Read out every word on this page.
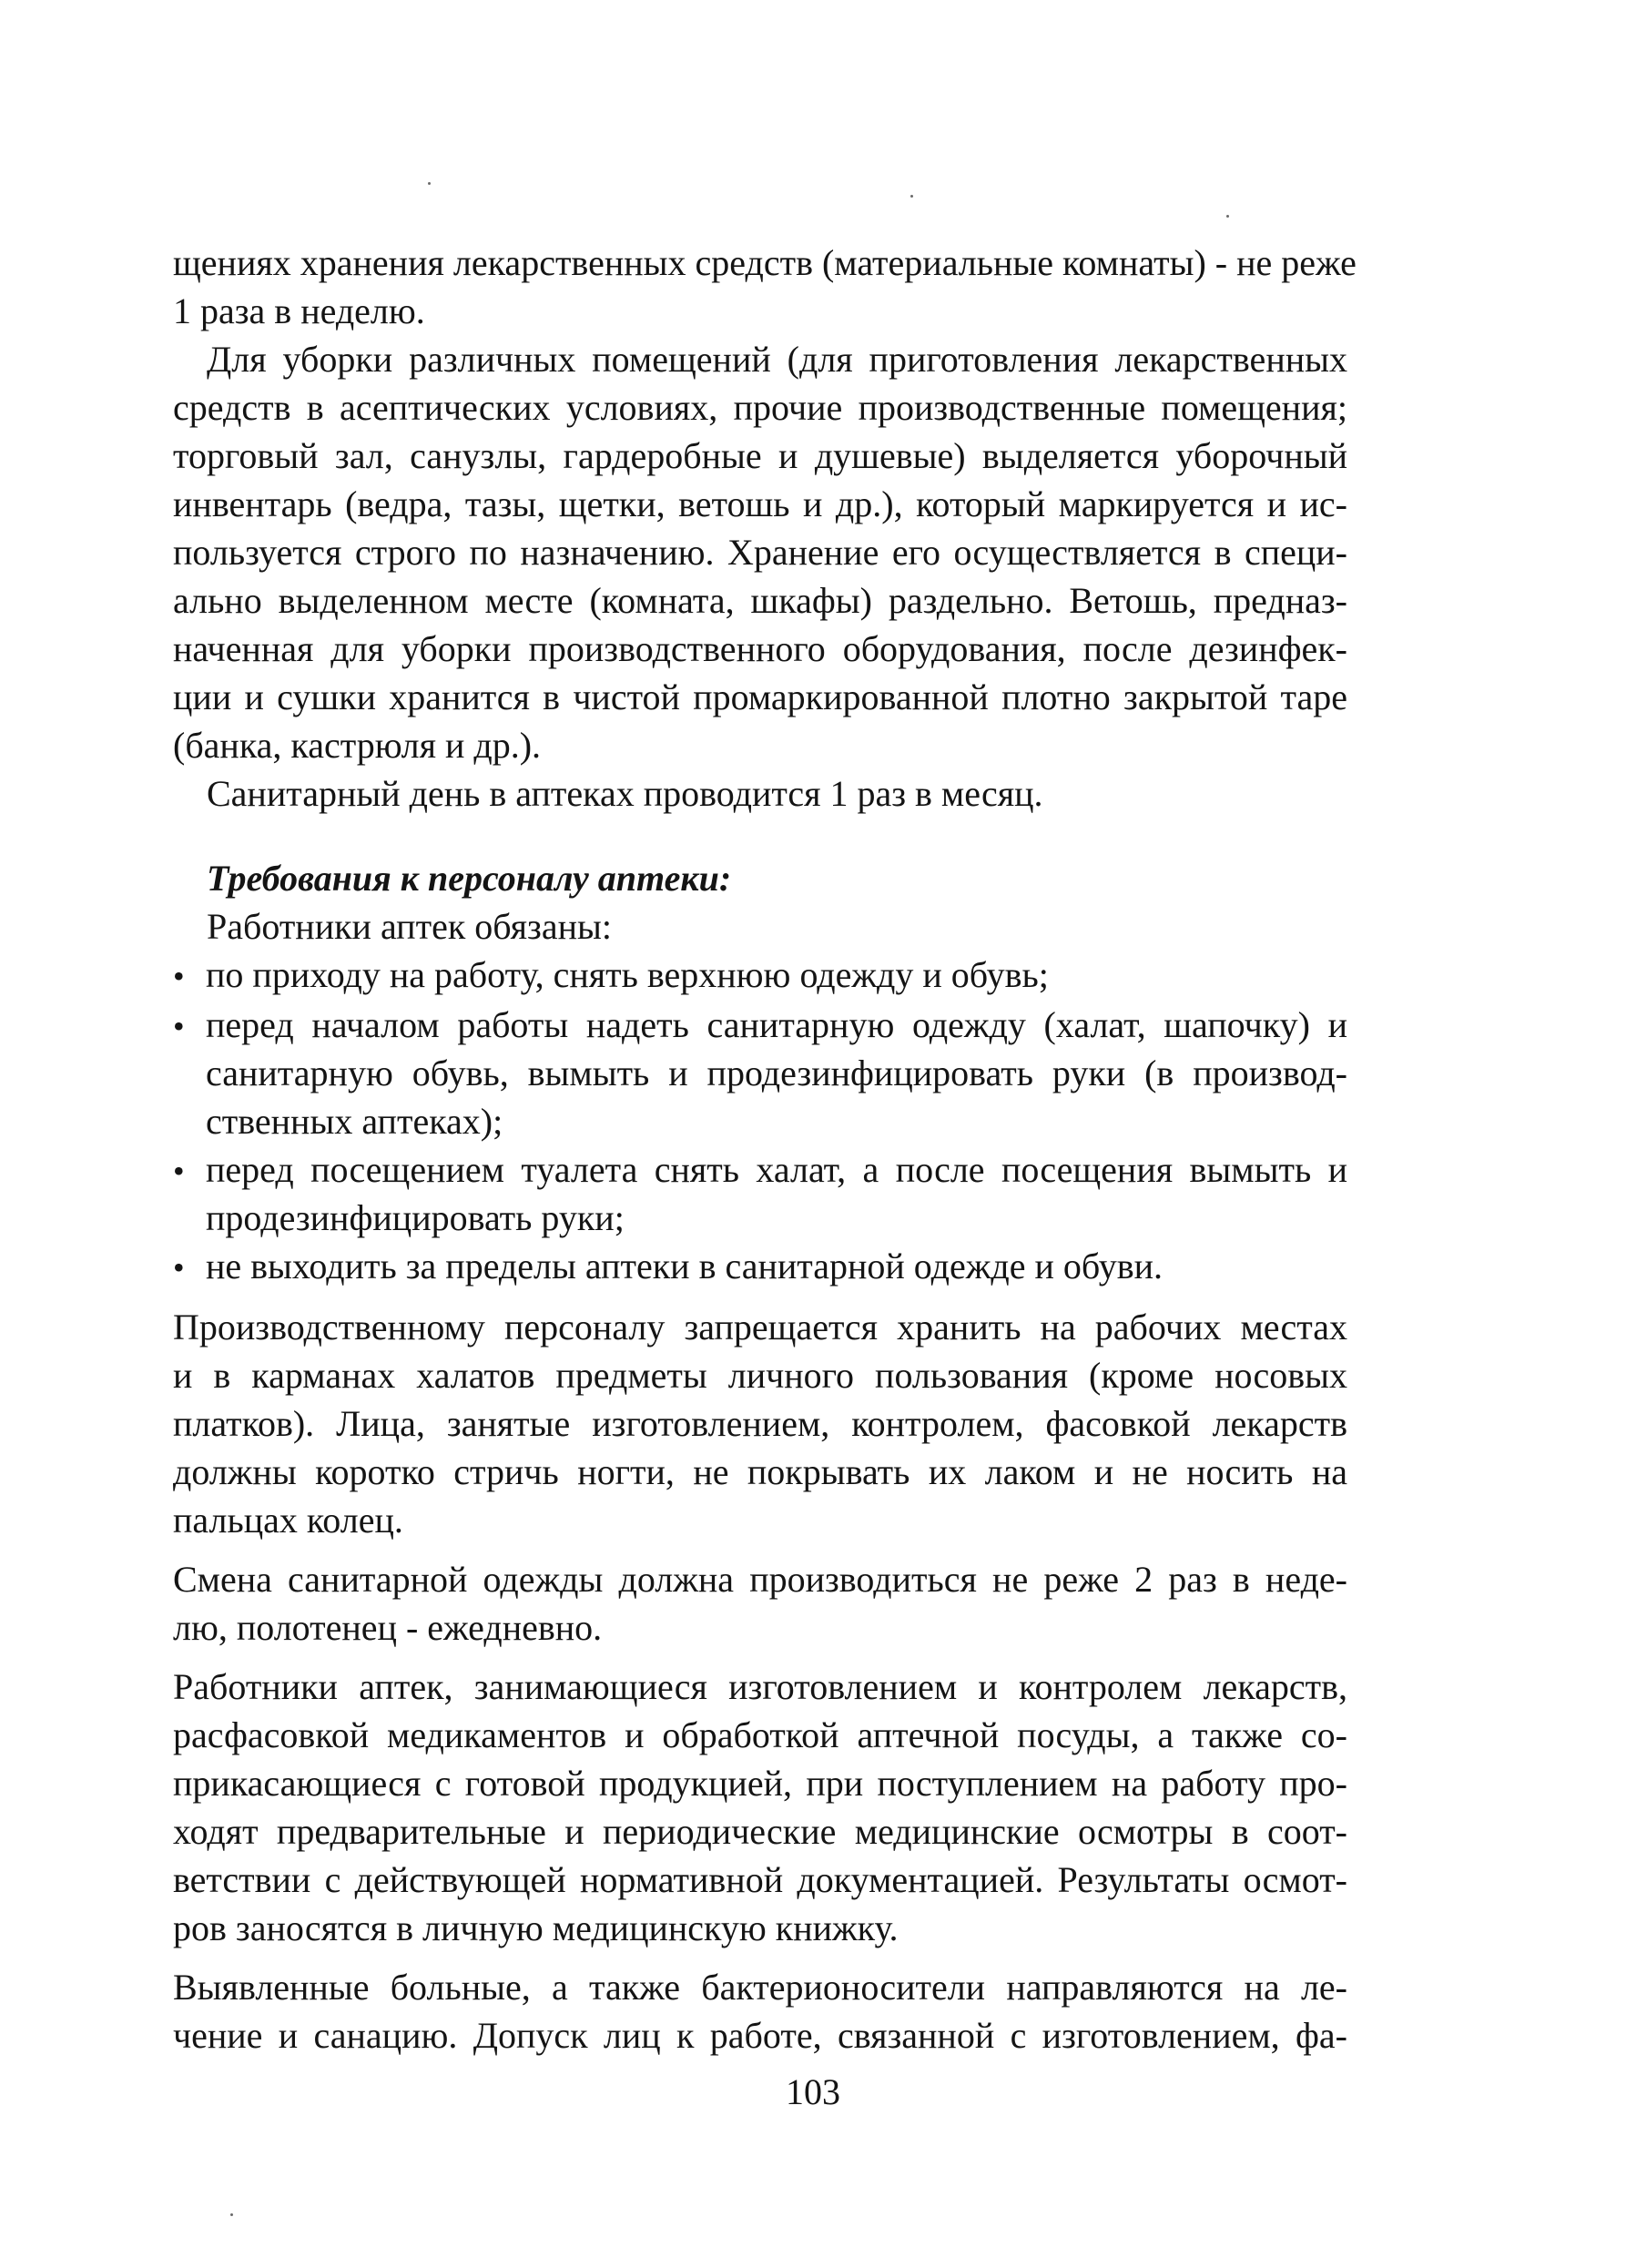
щениях хранения лекарственных средств (материальные комнаты) - не реже
1 раза в неделю.
Для уборки различных помещений (для приготовления лекарственных
средств в асептических условиях, прочие производственные помещения;
торговый зал, санузлы, гардеробные и душевые) выделяется уборочный
инвентарь (ведра, тазы, щетки, ветошь и др.), который маркируется и ис-
пользуется строго по назначению. Хранение его осуществляется в специ-
ально выделенном месте (комната, шкафы) раздельно. Ветошь, предназ-
наченная для уборки производственного оборудования, после дезинфек-
ции и сушки хранится в чистой промаркированной плотно закрытой таре
(банка, кастрюля и др.).
Санитарный день в аптеках проводится 1 раз в месяц.
Требования к персоналу аптеки:
Работники аптек обязаны:
• по приходу на работу, снять верхнюю одежду и обувь;
• перед началом работы надеть санитарную одежду (халат, шапочку) и
санитарную обувь, вымыть и продезинфицировать руки (в производ-
ственных аптеках);
• перед посещением туалета снять халат, а после посещения вымыть и
продезинфицировать руки;
• не выходить за пределы аптеки в санитарной одежде и обуви.
Производственному персоналу запрещается хранить на рабочих местах
и в карманах халатов предметы личного пользования (кроме носовых
платков). Лица, занятые изготовлением, контролем, фасовкой лекарств
должны коротко стричь ногти, не покрывать их лаком и не носить на
пальцах колец.
Смена санитарной одежды должна производиться не реже 2 раз в неде-
лю, полотенец - ежедневно.
Работники аптек, занимающиеся изготовлением и контролем лекарств,
расфасовкой медикаментов и обработкой аптечной посуды, а также со-
прикасающиеся с готовой продукцией, при поступлением на работу про-
ходят предварительные и периодические медицинские осмотры в соот-
ветствии с действующей нормативной документацией. Результаты осмот-
ров заносятся в личную медицинскую книжку.
Выявленные больные, а также бактерионосители направляются на ле-
чение и санацию. Допуск лиц к работе, связанной с изготовлением, фа-
103
